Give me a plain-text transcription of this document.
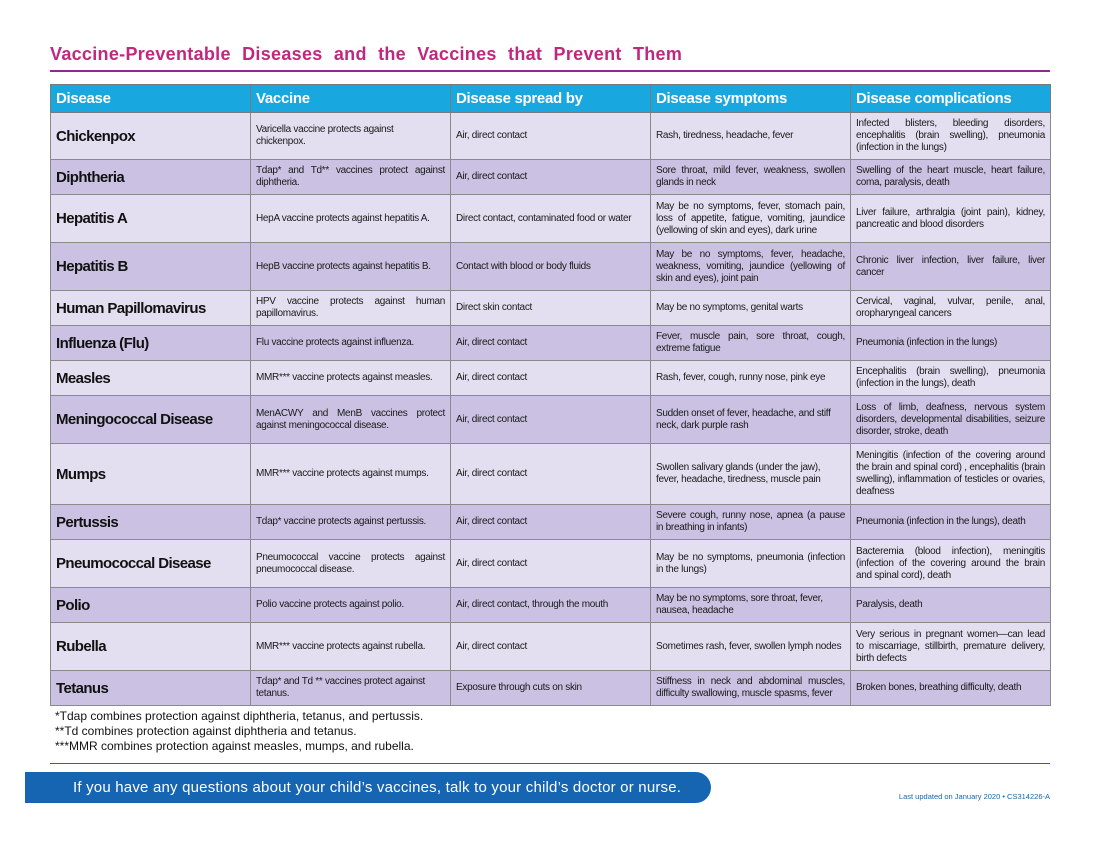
Vaccine-Preventable Diseases and the Vaccines that Prevent Them
Disease	Vaccine	Disease spread by	Disease symptoms	Disease complications
Chickenpox	Varicella vaccine protects against chickenpox.	Air, direct contact	Rash, tiredness, headache, fever	Infected blisters, bleeding disorders, encephalitis (brain swelling), pneumonia (infection in the lungs)
Diphtheria	Tdap* and Td** vaccines protect against diphtheria.	Air, direct contact	Sore throat, mild fever, weakness, swollen glands in neck	Swelling of the heart muscle, heart failure, coma, paralysis, death
Hepatitis A	HepA vaccine protects against hepatitis A.	Direct contact, contaminated food or water	May be no symptoms, fever, stomach pain, loss of appetite, fatigue, vomiting, jaundice (yellowing of skin and eyes), dark urine	Liver failure, arthralgia (joint pain), kidney, pancreatic and blood disorders
Hepatitis B	HepB vaccine protects against hepatitis B.	Contact with blood or body fluids	May be no symptoms, fever, headache, weakness, vomiting, jaundice (yellowing of skin and eyes), joint pain	Chronic liver infection, liver failure, liver cancer
Human Papillomavirus	HPV vaccine protects against human papillomavirus.	Direct skin contact	May be no symptoms, genital warts	Cervical, vaginal, vulvar, penile, anal, oropharyngeal cancers
Influenza (Flu)	Flu vaccine protects against influenza.	Air, direct contact	Fever, muscle pain, sore throat, cough, extreme fatigue	Pneumonia (infection in the lungs)
Measles	MMR*** vaccine protects against measles.	Air, direct contact	Rash, fever, cough, runny nose, pink eye	Encephalitis (brain swelling), pneumonia (infection in the lungs), death
Meningococcal Disease	MenACWY and MenB vaccines protect against meningococcal disease.	Air, direct contact	Sudden onset of fever, headache, and stiff neck, dark purple rash	Loss of limb, deafness, nervous system disorders, developmental disabilities, seizure disorder, stroke, death
Mumps	MMR*** vaccine protects against mumps.	Air, direct contact	Swollen salivary glands (under the jaw), fever, headache, tiredness, muscle pain	Meningitis (infection of the covering around the brain and spinal cord) , encephalitis (brain swelling), inflammation of testicles or ovaries, deafness
Pertussis	Tdap* vaccine protects against pertussis.	Air, direct contact	Severe cough, runny nose, apnea (a pause in breathing in infants)	Pneumonia (infection in the lungs), death
Pneumococcal Disease	Pneumococcal vaccine protects against pneumococcal disease.	Air, direct contact	May be no symptoms, pneumonia (infection in the lungs)	Bacteremia (blood infection), meningitis (infection of the covering around the brain and spinal cord), death
Polio	Polio vaccine protects against polio.	Air, direct contact, through the mouth	May be no symptoms, sore throat, fever, nausea, headache	Paralysis, death
Rubella	MMR*** vaccine protects against rubella.	Air, direct contact	Sometimes rash, fever, swollen lymph nodes	Very serious in pregnant women—can lead to miscarriage, stillbirth, premature delivery, birth defects
Tetanus	Tdap* and Td ** vaccines protect against tetanus.	Exposure through cuts on skin	Stiffness in neck and abdominal muscles, difficulty swallowing, muscle spasms, fever	Broken bones, breathing difficulty, death
*Tdap combines protection against diphtheria, tetanus, and pertussis.
**Td combines protection against diphtheria and tetanus.
***MMR combines protection against measles, mumps, and rubella.
If you have any questions about your child’s vaccines, talk to your child’s doctor or nurse.
Last updated on January 2020 • CS314226-A
